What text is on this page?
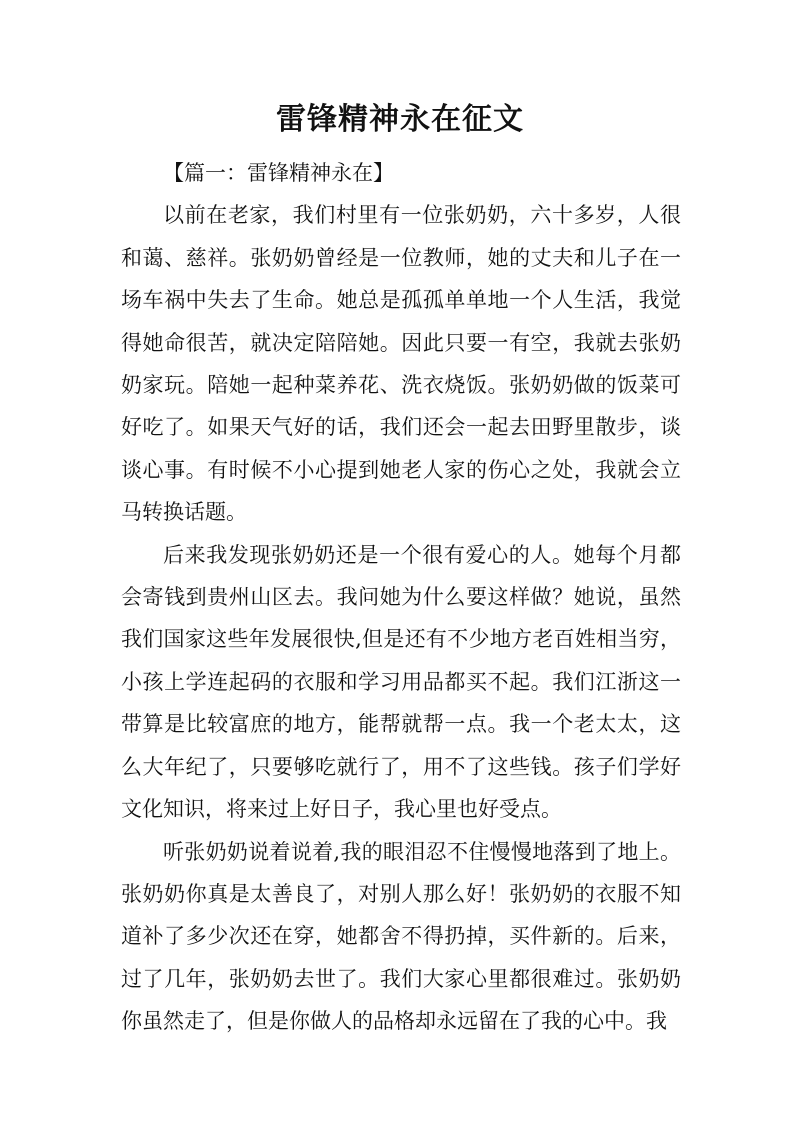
雷锋精神永在征文

【篇一：雷锋精神永在】

以前在老家，我们村里有一位张奶奶，六十多岁，人很和蔼、慈祥。张奶奶曾经是一位教师，她的丈夫和儿子在一场车祸中失去了生命。她总是孤孤单单地一个人生活，我觉得她命很苦，就决定陪陪她。因此只要一有空，我就去张奶奶家玩。陪她一起种菜养花、洗衣烧饭。张奶奶做的饭菜可好吃了。如果天气好的话，我们还会一起去田野里散步，谈谈心事。有时候不小心提到她老人家的伤心之处，我就会立马转换话题。

后来我发现张奶奶还是一个很有爱心的人。她每个月都会寄钱到贵州山区去。我问她为什么要这样做？她说，虽然我们国家这些年发展很快,但是还有不少地方老百姓相当穷，小孩上学连起码的衣服和学习用品都买不起。我们江浙这一带算是比较富庶的地方，能帮就帮一点。我一个老太太，这么大年纪了，只要够吃就行了，用不了这些钱。孩子们学好文化知识，将来过上好日子，我心里也好受点。

听张奶奶说着说着,我的眼泪忍不住慢慢地落到了地上。张奶奶你真是太善良了，对别人那么好！张奶奶的衣服不知道补了多少次还在穿，她都舍不得扔掉，买件新的。后来，过了几年，张奶奶去世了。我们大家心里都很难过。张奶奶你虽然走了，但是你做人的品格却永远留在了我的心中。我
